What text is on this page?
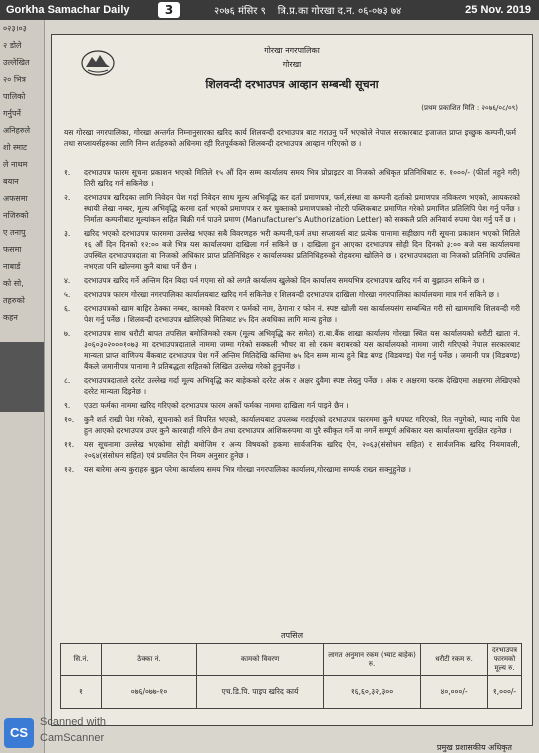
Gorkha Samachar Daily	3	२०७६ मंसिर ९ त्रि.प्र.का गोरखा द.न. ०६-०७३ ७४	25 Nov. 2019
०२३।०३
२ डोले
उल्लेखित
२० भित्र
पालिको
गर्नुपर्ने
अनिहरुले
शो स्माट
ले नाथम
बयान
अफसमा
नजिरुको
ए तनापु
फसमा
नाबार्ड
को सो,
तहरुको
कहन
गोरखा नगरपालिका
गोरखा
शिलवन्दी दरभाउपत्र आव्हान सम्बन्धी सूचना
(प्रथम प्रकाशित मिति : २०७६/०८/०९)
यस गोरखा नगरपालिका, गोरखा अन्तर्गत निम्नानुसारका खरिद कार्य शिलवन्दी दरभाउपत्र बाट गराउनु पर्ने भएकोले नेपाल सरकारबाट इजाजत प्राप्त इच्छुक कम्पनी,फर्म तथा सप्लायर्सहरुका लागि निम्न शर्तहरुको अधिनमा रही रितपूर्वकको शिलबन्दी दरभाउपत्र आव्हान गरिएको छ ।
१.	दरभाउपत्र फारम सूचना प्रकाशन भएको मितिले १५ औं दिन सम्म कार्यालय समय भित्र प्रोप्राइटर वा निजको अधिकृत प्रतिनिधिबाट रु. १०००/- (फीर्ता नहुने गरी) तिरी खरिद गर्न सकिनेछ ।
२.	दरभाउपत्र खरिदका लागि निवेदन पेश गर्दा निवेदन साथ मूल्य अभिवृद्धि कर दर्ता प्रमाणपत्र, फर्म,संस्था वा कम्पनी दर्ताको प्रमाणपत्र नविकरण भएको, आयकरको स्थायी लेखा नम्बर, मूल्य अभिवृद्धि करमा दर्ता भएको प्रमाणपत्र र कर चुक्ताको प्रमाणपत्रको नोटरी पब्लिकबाट प्रमाणित गरेको प्रमाणित प्रतिलिपि पेश गर्नु पर्नेछ । निर्माता कम्पनीबाट मूल्यांकन सहित बिक्री गर्न पाउने प्रमाण (Manufacturer's Authorization Letter) को सक्कलै प्रति अनिवार्य रुपमा पेश गर्नु पर्ने छ ।
३.	खरिद भएको दरभाउपत्र फारममा उल्लेख भएका सबै विवरणहरु भरी कम्पनी,फर्म तथा सप्लायर्स बाट प्रत्येक पानामा सहीछाप गरी सूचना प्रकाशन भएको मितिले १६ औं दिन दिनको १२:०० बजे भित्र यस कार्यालयमा दाखिला गर्न सकिने छ । दाखिला हुन आएका दरभाउपत्र सोही दिन दिनको ३:०० बजे यस कार्यालयमा उपस्थित दरभाउपत्रदाता वा निजको अधिकार प्राप्त प्रतिनिधिहरु र कार्यालयका प्रतिनिधिहरुको रोहवरमा खोलिने छ । दरभाउपत्रदाता वा निजको प्रतिनिधि उपस्थित नभएता पनि खोल्नमा कुनै बाधा पर्ने छैन ।
४.	दरभाउपत्र खरिद गर्ने अन्तिम दिन बिदा पर्न गएमा सो को लगतै कार्यालय खुलेको दिन कार्यालय समयभित्र दरभाउपत्र खरिद गर्न वा बुझाउन सकिने छ ।
५.	दरभाउपत्र फारम गोरखा नगरपालिका कार्यालयबाट खरिद गर्न सकिनेछ र शिलवन्दी दरभाउपत्र दाखिला गोरखा नगरपालिका कार्यालयमा मात्र गर्न सकिने छ ।
६.	दरभाउपत्रको खाम बाहिर ठेक्का नम्बर, कामको विवरण र फर्मको नाम, ठेगाना र फोन नं. स्पष्ट खोली यस कार्यालयसंग सम्बन्धित गरी सो खाममाथि शिलवन्दी गरी पेश गर्नु पर्नेछ । शिलवन्दी दरभाउपत्र खोलिएको मितिबाट ४५ दिन अवधिका लागि मान्य हुनेछ ।
७.	दरभाउपत्र साथ धरौटी बापत तपसिल बमोजिमको रकम (मूल्य अभिवृद्धि कर समेत) रा.बा.बैंक शाखा कार्यालय गोरखा स्थित यस कार्यालयको धरौटी खाता नं. ३०६०३०२०००१०७३ मा दरभाउपत्रदाताले नाममा जम्मा गरेको सक्कली भौचर वा सो रकम बराबरको यस कार्यालयको नाममा जारी गरिएको नेपाल सरकारबाट मान्यता प्राप्त वाणिज्य बैंकबाट दरभाउपत्र पेश गर्ने अन्तिम मितिदेखि कम्तिमा ७५ दिन सम्म मान्य हुने बिड बण्ड (विडबण्ड) पेश गर्नु पर्नेछ । जमानी पत्र (विडबण्ड) बैंकले जमानीपत्र पानामा नै प्रतिबद्धता सहितको लिखित उल्लेख गरेको हुनुपर्नेछ ।
८.	दरभाउपत्रदाताले दररेट उल्लेख गर्दा मूल्य अभिवृद्धि कर बाहेकको दररेट अंक र अक्षर दुवैमा स्पष्ट लेख्नु पर्नेछ । अंक र अक्षरमा फरक देखिएमा अक्षरमा लेखिएको दररेट मान्यता दिइनेछ ।
९.	एउटा फर्मका नाममा खरिद गरिएको दरभाउपत्र फारम अर्को फर्मका नाममा दाखिला गर्न पाइने छैन ।
१०.	कुनै शर्त राखी पेश गरेको, सूचनाको शर्त विपरित भएको, कार्यालयबाट उपलब्ध गराईएको दरभाउपत्र फारममा कुनै थपघट गरिएको, रित नपुगेको, म्याद नाघि पेश हुन आएको दरभाउपत्र उपर कुनै कारवाही गरिने छैन तथा दरभाउपत्र आंशिकरुपमा वा पुरै स्वीकृत गर्ने वा नगर्ने सम्पूर्ण अधिकार यस कार्यालयमा सुरक्षित रहनेछ ।
११.	यस सूचनामा उल्लेख भएकोमा सोही बमोजिम र अन्य विषयको हकमा सार्वजनिक खरिद ऐन, २०६३(संसोधन सहित) र सार्वजनिक खरिद नियमावली, २०६४(संसोधन सहित) एवं प्रचलित ऐन नियम अनुसार हुनेछ ।
१२.	यस बारेमा अन्य कुराहरु बुझ्न परेमा कार्यालय समय भित्र गोरखा नगरपालिका कार्यालय,गोरखामा सम्पर्क राख्न सक्नुहुनेछ ।
तपसिल
सि.नं.	ठेक्का नं.	कामको विवरण	लागत अनुमान रकम (भ्याट बाहेक) रु.	धरौटी रकम रु.	दरभाउपत्र फारमको मूल्य रु.
१	०७६/०७७-१०	एच.डि.पि. पाइप खरिद कार्य	१६,६०,३२,३००	४०,०००/-	१,०००/-
प्रमुख प्रशासकीय अधिकृत
CS
Scanned with
CamScanner
